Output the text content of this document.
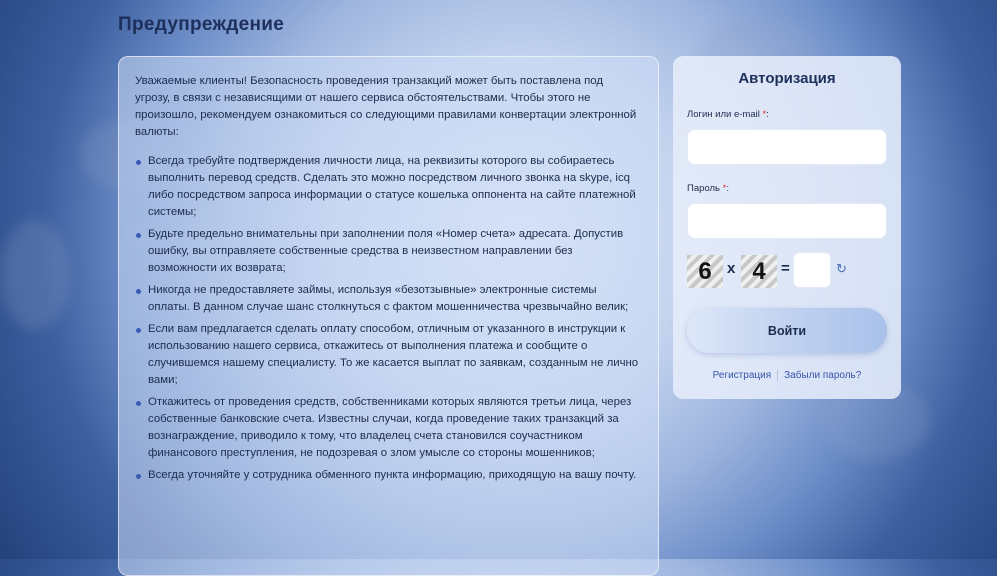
Предупреждение

Уважаемые клиенты! Безопасность проведения транзакций может быть поставлена под угрозу, в связи с независящими от нашего сервиса обстоятельствами. Чтобы этого не произошло, рекомендуем ознакомиться со следующими правилами конвертации электронной валюты:

Всегда требуйте подтверждения личности лица, на реквизиты которого вы собираетесь выполнить перевод средств. Сделать это можно посредством личного звонка на skype, icq либо посредством запроса информации о статусе кошелька оппонента на сайте платежной системы;
Будьте предельно внимательны при заполнении поля «Номер счета» адресата. Допустив ошибку, вы отправляете собственные средства в неизвестном направлении без возможности их возврата;
Никогда не предоставляете займы, используя «безотзывные» электронные системы оплаты. В данном случае шанс столкнуться с фактом мошенничества чрезвычайно велик;
Если вам предлагается сделать оплату способом, отличным от указанного в инструкции к использованию нашего сервиса, откажитесь от выполнения платежа и сообщите о случившемся нашему специалисту. То же касается выплат по заявкам, созданным не лично вами;
Откажитесь от проведения средств, собственниками которых являются третьи лица, через собственные банковские счета. Известны случаи, когда проведение таких транзакций за вознаграждение, приводило к тому, что владелец счета становился соучастником финансового преступления, не подозревая о злом умысле со стороны мошенников;
Всегда уточняйте у сотрудника обменного пункта информацию, приходящую на вашу почту.
Авторизация
Логин или e-mail *:
Пароль *:
6	x 4	=	↻
Войти
Регистрация Забыли пароль?
